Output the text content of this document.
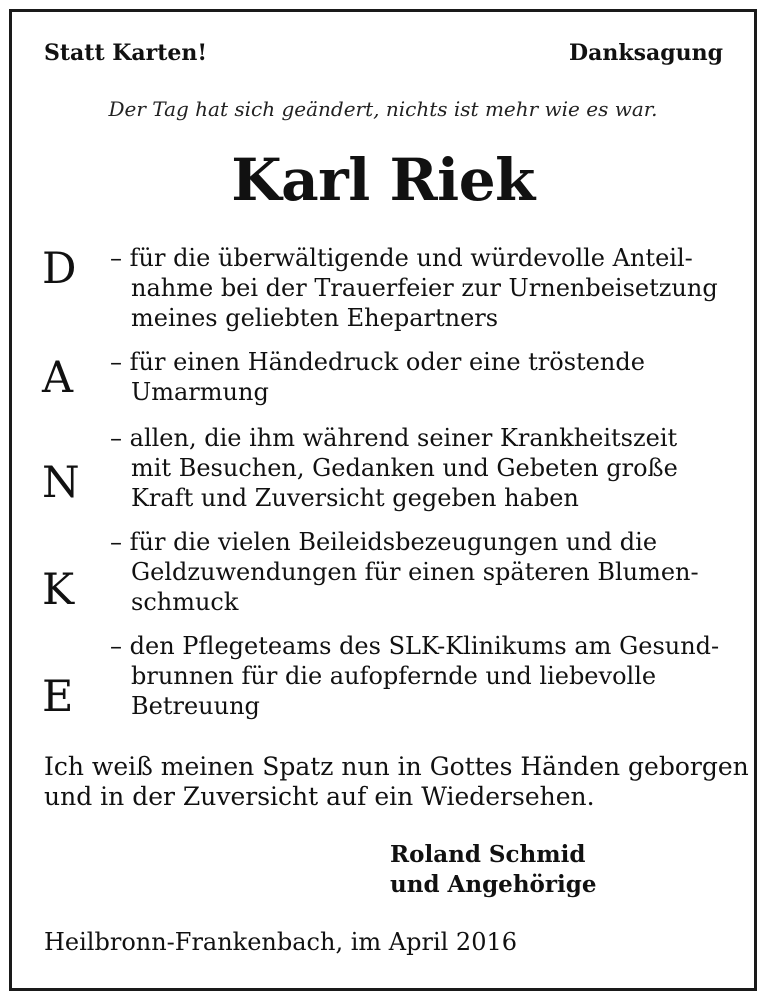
Statt Karten!	Danksagung
Der Tag hat sich geändert, nichts ist mehr wie es war.
Karl Riek
D – für die überwältigende und würdevolle Anteil-
nahme bei der Trauerfeier zur Urnenbeisetzung
meines geliebten Ehepartners
A – für einen Händedruck oder eine tröstende
Umarmung
N
– allen, die ihm während seiner Krankheitszeit
mit Besuchen, Gedanken und Gebeten große
Kraft und Zuversicht gegeben haben
K
– für die vielen Beileidsbezeugungen und die
Geldzuwendungen für einen späteren Blumen-
schmuck
E
– den Pflegeteams des SLK-Klinikums am Gesund-
brunnen für die aufopfernde und liebevolle
Betreuung
Ich weiß meinen Spatz nun in Gottes Händen geborgen
und in der Zuversicht auf ein Wiedersehen.
Roland Schmid
und Angehörige
Heilbronn-Frankenbach, im April 2016
